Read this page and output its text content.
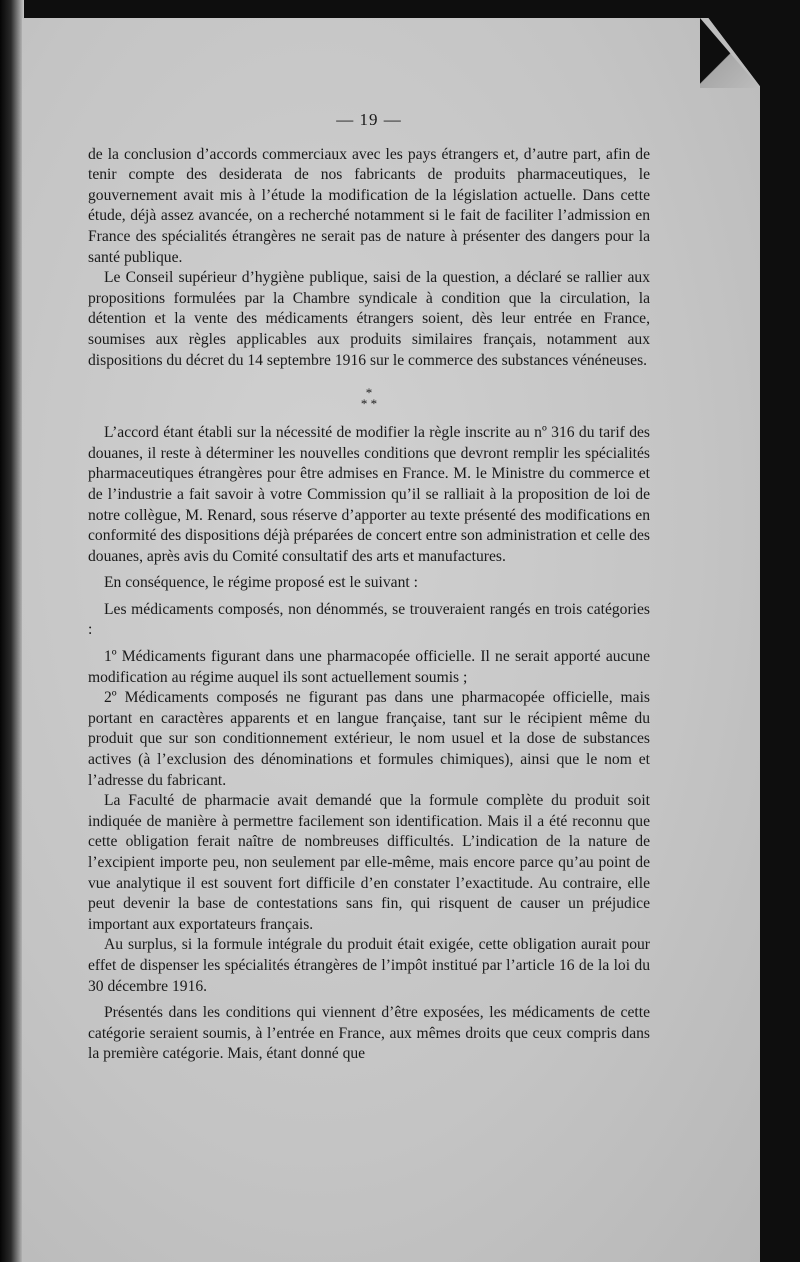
— 19 —

de la conclusion d’accords commerciaux avec les pays étrangers et, d’autre part, afin de tenir compte des desiderata de nos fabricants de produits pharmaceutiques, le gouvernement avait mis à l’étude la modification de la législation actuelle. Dans cette étude, déjà assez avancée, on a recherché notamment si le fait de faciliter l’admission en France des spécialités étrangères ne serait pas de nature à présenter des dangers pour la santé publique.

Le Conseil supérieur d’hygiène publique, saisi de la question, a déclaré se rallier aux propositions formulées par la Chambre syndicale à condition que la circulation, la détention et la vente des médicaments étrangers soient, dès leur entrée en France, soumises aux règles applicables aux produits similaires français, notamment aux dispositions du décret du 14 septembre 1916 sur le commerce des substances vénéneuses.

*
* *

L’accord étant établi sur la nécessité de modifier la règle inscrite au nº 316 du tarif des douanes, il reste à déterminer les nouvelles conditions que devront remplir les spécialités pharmaceutiques étrangères pour être admises en France. M. le Ministre du commerce et de l’industrie a fait savoir à votre Commission qu’il se ralliait à la proposition de loi de notre collègue, M. Renard, sous réserve d’apporter au texte présenté des modifications en conformité des dispositions déjà préparées de concert entre son administration et celle des douanes, après avis du Comité consultatif des arts et manufactures.

En conséquence, le régime proposé est le suivant :

Les médicaments composés, non dénommés, se trouveraient rangés en trois catégories :

1º Médicaments figurant dans une pharmacopée officielle. Il ne serait apporté aucune modification au régime auquel ils sont actuellement soumis ;

2º Médicaments composés ne figurant pas dans une pharmacopée officielle, mais portant en caractères apparents et en langue française, tant sur le récipient même du produit que sur son conditionnement extérieur, le nom usuel et la dose de substances actives (à l’exclusion des dénominations et formules chimiques), ainsi que le nom et l’adresse du fabricant.

La Faculté de pharmacie avait demandé que la formule complète du produit soit indiquée de manière à permettre facilement son identification. Mais il a été reconnu que cette obligation ferait naître de nombreuses difficultés. L’indication de la nature de l’excipient importe peu, non seulement par elle-même, mais encore parce qu’au point de vue analytique il est souvent fort difficile d’en constater l’exactitude. Au contraire, elle peut devenir la base de contestations sans fin, qui risquent de causer un préjudice important aux exportateurs français.

Au surplus, si la formule intégrale du produit était exigée, cette obligation aurait pour effet de dispenser les spécialités étrangères de l’impôt institué par l’article 16 de la loi du 30 décembre 1916.

Présentés dans les conditions qui viennent d’être exposées, les médicaments de cette catégorie seraient soumis, à l’entrée en France, aux mêmes droits que ceux compris dans la première catégorie. Mais, étant donné que
